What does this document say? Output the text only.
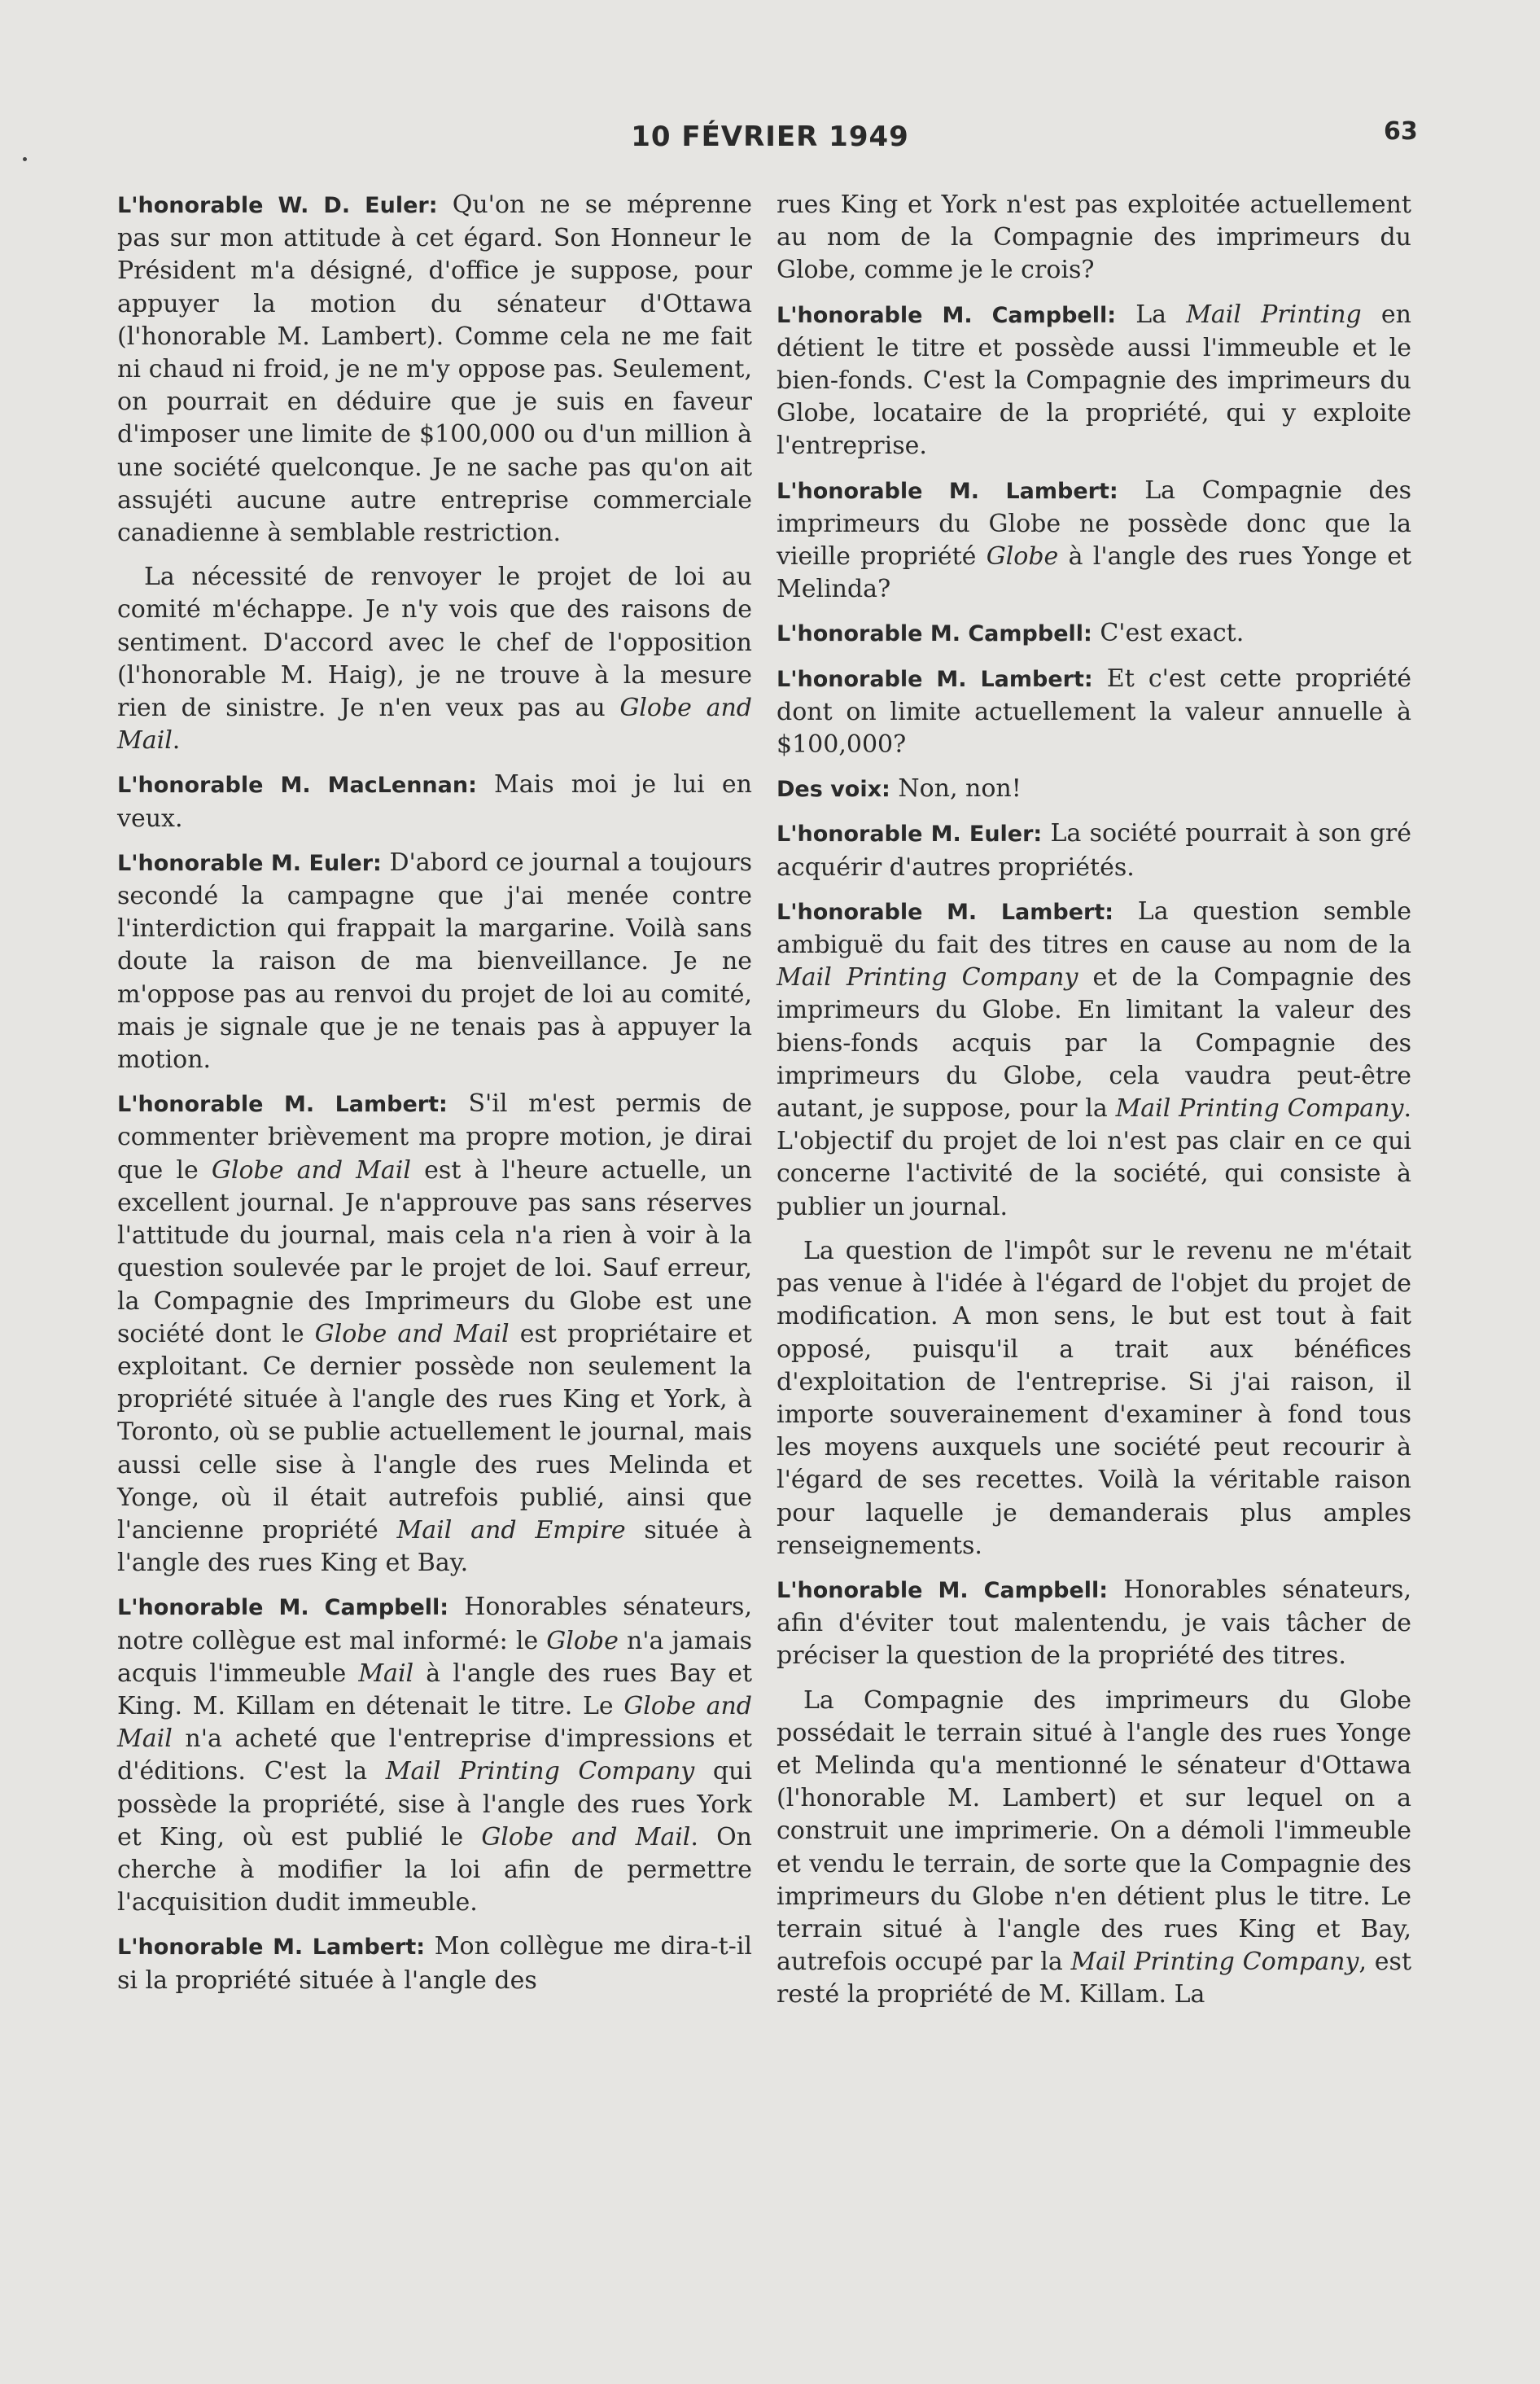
10 FÉVRIER 1949	63

L'honorable W. D. Euler: Qu'on ne se méprenne pas sur mon attitude à cet égard. Son Honneur le Président m'a désigné, d'office je suppose, pour appuyer la motion du sénateur d'Ottawa (l'honorable M. Lambert). Comme cela ne me fait ni chaud ni froid, je ne m'y oppose pas. Seulement, on pourrait en déduire que je suis en faveur d'imposer une limite de $100,000 ou d'un million à une société quelconque. Je ne sache pas qu'on ait assujéti aucune autre entreprise commerciale canadienne à semblable restriction.

La nécessité de renvoyer le projet de loi au comité m'échappe. Je n'y vois que des raisons de sentiment. D'accord avec le chef de l'opposition (l'honorable M. Haig), je ne trouve à la mesure rien de sinistre. Je n'en veux pas au Globe and Mail.

L'honorable M. MacLennan: Mais moi je lui en veux.

L'honorable M. Euler: D'abord ce journal a toujours secondé la campagne que j'ai menée contre l'interdiction qui frappait la margarine. Voilà sans doute la raison de ma bienveillance. Je ne m'oppose pas au renvoi du projet de loi au comité, mais je signale que je ne tenais pas à appuyer la motion.

L'honorable M. Lambert: S'il m'est permis de commenter brièvement ma propre motion, je dirai que le Globe and Mail est à l'heure actuelle, un excellent journal. Je n'approuve pas sans réserves l'attitude du journal, mais cela n'a rien à voir à la question soulevée par le projet de loi. Sauf erreur, la Compagnie des Imprimeurs du Globe est une société dont le Globe and Mail est propriétaire et exploitant. Ce dernier possède non seulement la propriété située à l'angle des rues King et York, à Toronto, où se publie actuellement le journal, mais aussi celle sise à l'angle des rues Melinda et Yonge, où il était autrefois publié, ainsi que l'ancienne propriété Mail and Empire située à l'angle des rues King et Bay.

L'honorable M. Campbell: Honorables sénateurs, notre collègue est mal informé: le Globe n'a jamais acquis l'immeuble Mail à l'angle des rues Bay et King. M. Killam en détenait le titre. Le Globe and Mail n'a acheté que l'entreprise d'impressions et d'éditions. C'est la Mail Printing Company qui possède la propriété, sise à l'angle des rues York et King, où est publié le Globe and Mail. On cherche à modifier la loi afin de permettre l'acquisition dudit immeuble.

L'honorable M. Lambert: Mon collègue me dira-t-il si la propriété située à l'angle des

rues King et York n'est pas exploitée actuellement au nom de la Compagnie des imprimeurs du Globe, comme je le crois?

L'honorable M. Campbell: La Mail Printing en détient le titre et possède aussi l'immeuble et le bien-fonds. C'est la Compagnie des imprimeurs du Globe, locataire de la propriété, qui y exploite l'entreprise.

L'honorable M. Lambert: La Compagnie des imprimeurs du Globe ne possède donc que la vieille propriété Globe à l'angle des rues Yonge et Melinda?

L'honorable M. Campbell: C'est exact.

L'honorable M. Lambert: Et c'est cette propriété dont on limite actuellement la valeur annuelle à $100,000?

Des voix: Non, non!

L'honorable M. Euler: La société pourrait à son gré acquérir d'autres propriétés.

L'honorable M. Lambert: La question semble ambiguë du fait des titres en cause au nom de la Mail Printing Company et de la Compagnie des imprimeurs du Globe. En limitant la valeur des biens-fonds acquis par la Compagnie des imprimeurs du Globe, cela vaudra peut-être autant, je suppose, pour la Mail Printing Company. L'objectif du projet de loi n'est pas clair en ce qui concerne l'activité de la société, qui consiste à publier un journal.

La question de l'impôt sur le revenu ne m'était pas venue à l'idée à l'égard de l'objet du projet de modification. A mon sens, le but est tout à fait opposé, puisqu'il a trait aux bénéfices d'exploitation de l'entreprise. Si j'ai raison, il importe souverainement d'examiner à fond tous les moyens auxquels une société peut recourir à l'égard de ses recettes. Voilà la véritable raison pour laquelle je demanderais plus amples renseignements.

L'honorable M. Campbell: Honorables sénateurs, afin d'éviter tout malentendu, je vais tâcher de préciser la question de la propriété des titres.

La Compagnie des imprimeurs du Globe possédait le terrain situé à l'angle des rues Yonge et Melinda qu'a mentionné le sénateur d'Ottawa (l'honorable M. Lambert) et sur lequel on a construit une imprimerie. On a démoli l'immeuble et vendu le terrain, de sorte que la Compagnie des imprimeurs du Globe n'en détient plus le titre. Le terrain situé à l'angle des rues King et Bay, autrefois occupé par la Mail Printing Company, est resté la propriété de M. Killam. La
